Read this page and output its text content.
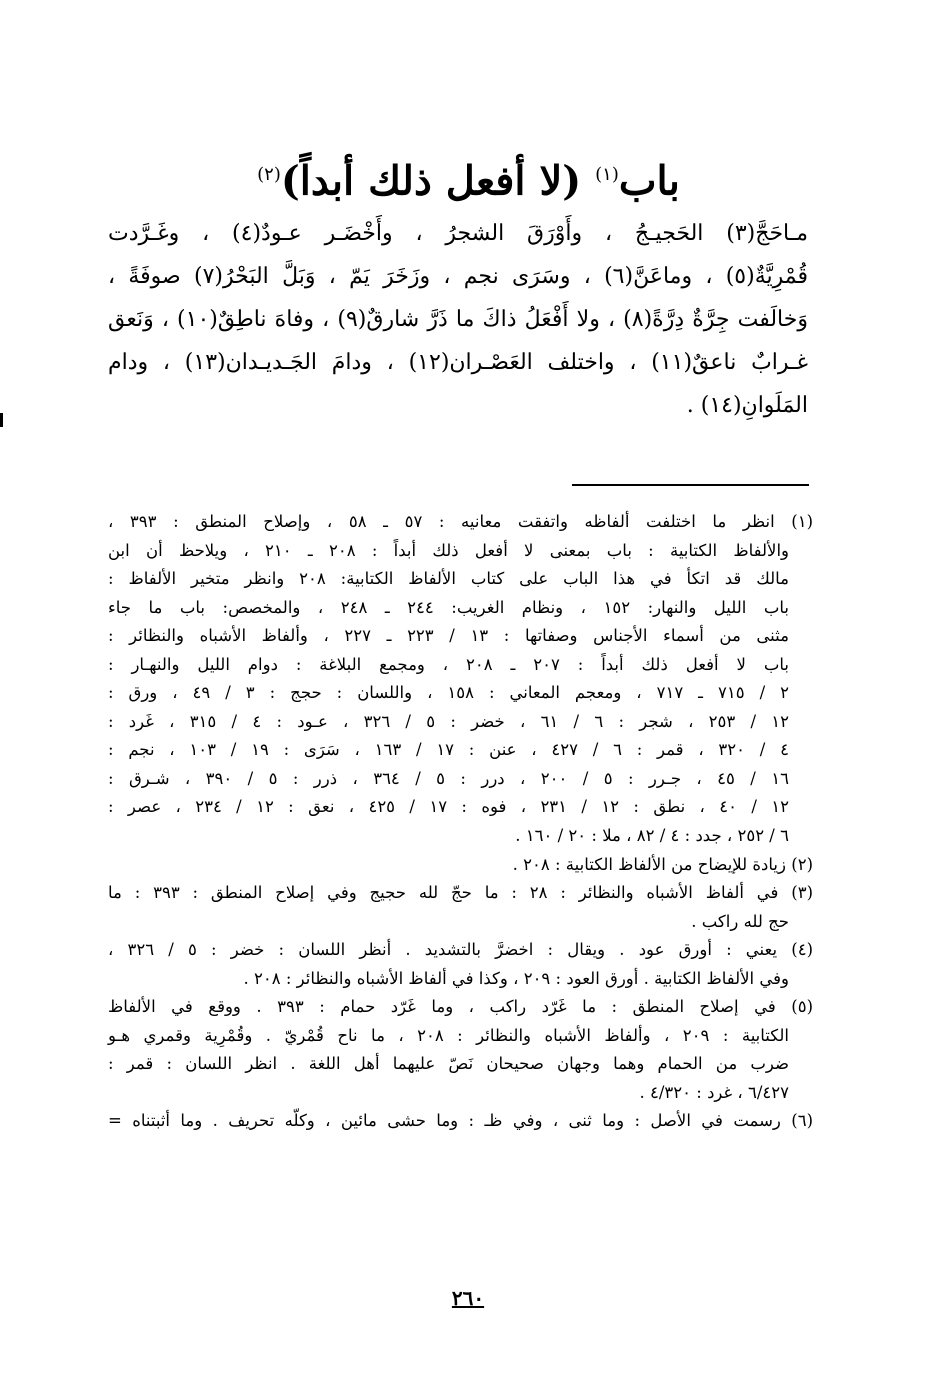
باب$^{(١)}$ (لا أفعل ذلك أبداً)$^{(٢)}$
مـاحَجَّ(٣) الحَجيـجُ ، وأَوْرَقَ الشجرُ ، وأَخْضَـر عـودٌ(٤) ، وغَـرَّدت
قُمْرِيَّةٌ(٥) ، وماعَنَّ(٦) ، وسَرَى نجم ، وزَخَرَ يَمّ ، وَبَلَّ البَحْرُ(٧) صوفَةً ،
وَخالَفت جِرَّةٌ دِرَّةً(٨) ، ولا أَفْعَلُ ذاكَ ما ذَرَّ شارقٌ(٩) ، وفاهَ ناطِقٌ(١٠) ، وَنَعق
غـرابٌ ناعقٌ(١١) ، واختلف العَصْـران(١٢) ، ودامَ الجَـديـدان(١٣) ، ودام
المَلَوانِ(١٤) .
(١) انظر ما اختلفت ألفاظه واتفقت معانيه : ٥٧ ـ ٥٨ ، وإصلاح المنطق : ٣٩٣ ،
والألفاظ الكتابية : باب بمعنى لا أفعل ذلك أبداً : ٢٠٨ ـ ٢١٠ ، ويلاحظ أن ابن
مالك قد اتكأ في هذا الباب على كتاب الألفاظ الكتابية: ٢٠٨ وانظر متخير الألفاظ :
باب الليل والنهار: ١٥٢ ، ونظام الغريب: ٢٤٤ ـ ٢٤٨ ، والمخصص: باب ما جاء
مثنى من أسماء الأجناس وصفاتها : ١٣ / ٢٢٣ ـ ٢٢٧ ، وألفاظ الأشباه والنظائر :
باب لا أفعل ذلك أبداً : ٢٠٧ ـ ٢٠٨ ، ومجمع البلاغة : دوام الليل والنهـار :
٢ / ٧١٥ ـ ٧١٧ ، ومعجم المعاني : ١٥٨ ، واللسان : حجج : ٣ / ٤٩ ، ورق :
١٢ / ٢٥٣ ، شجر : ٦ / ٦١ ، خضر : ٥ / ٣٢٦ ، عـود : ٤ / ٣١٥ ، غَرد :
٤ / ٣٢٠ ، قمر : ٦ / ٤٢٧ ، عنن : ١٧ / ١٦٣ ، سَرَى : ١٩ / ١٠٣ ، نجم :
١٦ / ٤٥ ، جـرر : ٥ / ٢٠٠ ، درر : ٥ / ٣٦٤ ، ذرر : ٥ / ٣٩٠ ، شـرق :
١٢ / ٤٠ ، نطق : ١٢ / ٢٣١ ، فوه : ١٧ / ٤٢٥ ، نعق : ١٢ / ٢٣٤ ، عصر :
٦ / ٢٥٢ ، جدد : ٤ / ٨٢ ، ملا : ٢٠ / ١٦٠ .
(٢) زيادة للإيضاح من الألفاظ الكتابية : ٢٠٨ .
(٣) في ألفاظ الأشباه والنظائر : ٢٨ : ما حجّ لله حجيج وفي إصلاح المنطق : ٣٩٣ : ما
حج لله راكب .
(٤) يعني : أورق عود . ويقال : اخضرَّ بالتشديد . أنظر اللسان : خضر : ٥ / ٣٢٦ ،
وفي الألفاظ الكتابية . أورق العود : ٢٠٩ ، وكذا في ألفاظ الأشباه والنظائر : ٢٠٨ .
(٥) في إصلاح المنطق : ما غَرّد راكب ، وما غَرّد حمام : ٣٩٣ . ووقع في الألفاظ
الكتابية : ٢٠٩ ، وألفاظ الأشباه والنظائر : ٢٠٨ ، ما ناح قُمْريّ . وقُمْرِية وقمري هـو
ضرب من الحمام وهما وجهان صحيحان نَصّ عليهما أهل اللغة . انظر اللسان : قمر :
٦/٤٢٧ ، غرد : ٤/٣٢٠ .
(٦) رسمت في الأصل : وما ثنى ، وفي ظـ : وما حشى مائين ، وكلّه تحريف . وما أثبتناه =
٢٦٠
